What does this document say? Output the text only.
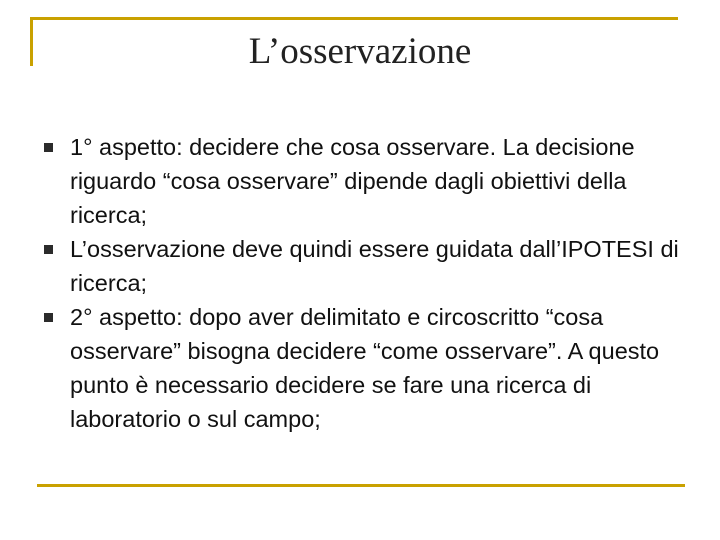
L’osservazione
1° aspetto: decidere che cosa osservare. La decisione riguardo “cosa osservare” dipende dagli obiettivi della ricerca;
L’osservazione deve quindi essere guidata dall’IPOTESI di ricerca;
2° aspetto: dopo aver delimitato e circoscritto “cosa osservare” bisogna decidere “come osservare”. A questo punto è necessario decidere se fare una ricerca di laboratorio o sul campo;
